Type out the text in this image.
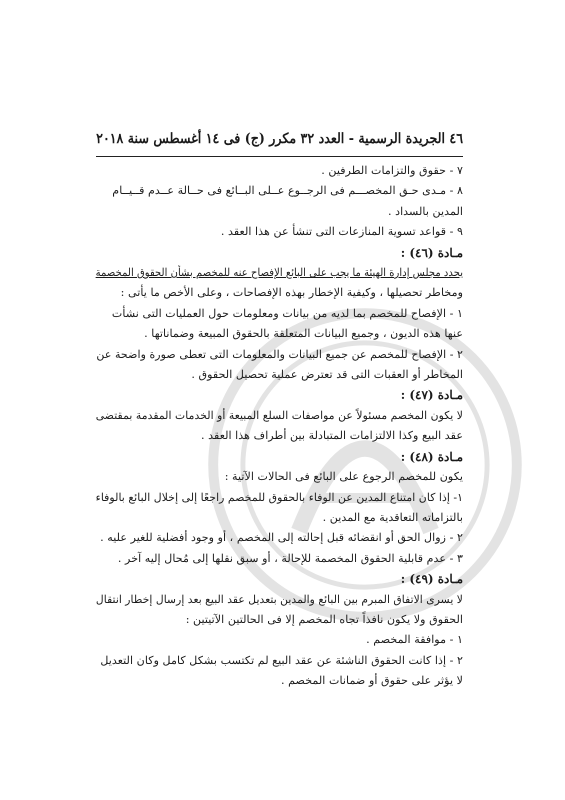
٤٦ الجريدة الرسمية - العدد ٣٢ مكرر (ج) فى ١٤ أغسطس سنة ٢٠١٨

٧ - حقوق والتزامات الطرفين .

٨ - مـدى حـق المخصـــم فى الرجــوع عــلى البــائع فى حــالة عــدم قــيــام

المدين بالسداد .

٩ - قواعد تسوية المنازعات التى تنشأ عن هذا العقد .

مـادة (٤٦) :

يحدد مجلس إدارة الهيئة ما يجب على البائع الإفصاح عنه للمخصم بشأن الحقوق المخصمة

ومخاطر تحصيلها ، وكيفية الإخطار بهذه الإفصاحات ، وعلى الأخص ما يأتى :

١ - الإفصاح للمخصم بما لديه من بيانات ومعلومات حول العمليات التى نشأت

عنها هذه الديون ، وجميع البيانات المتعلقة بالحقوق المبيعة وضماناتها .

٢ - الإفصاح للمخصم عن جميع البيانات والمعلومات التى تعطى صورة واضحة عن

المخاطر أو العقبات التى قد تعترض عملية تحصيل الحقوق .

مـادة (٤٧) :

لا يكون المخصم مسئولاً عن مواصفات السلع المبيعة أو الخدمات المقدمة بمقتضى

عقد البيع وكذا الالتزامات المتبادلة بين أطراف هذا العقد .

مـادة (٤٨) :

يكون للمخصم الرجوع على البائع فى الحالات الآتية :

١- إذا كان امتناع المدين عن الوفاء بالحقوق للمخصم راجعًا إلى إخلال البائع بالوفاء

بالتزاماته التعاقدية مع المدين .

٢ - زوال الحق أو انقضائه قبل إحالته إلى المخصم ، أو وجود أفضلية للغير عليه .

٣ - عدم قابلية الحقوق المخصمة للإحالة ، أو سبق نقلها إلى مُحال إليه آخر .

مـادة (٤٩) :

لا يسرى الاتفاق المبرم بين البائع والمدين بتعديل عقد البيع بعد إرسال إخطار انتقال

الحقوق ولا يكون نافذاً تجاه المخصم إلا فى الحالتين الآتيتين :

١ - موافقة المخصم .

٢ - إذا كانت الحقوق الناشئة عن عقد البيع لم تكتسب بشكل كامل وكان التعديل

لا يؤثر على حقوق أو ضمانات المخصم .
